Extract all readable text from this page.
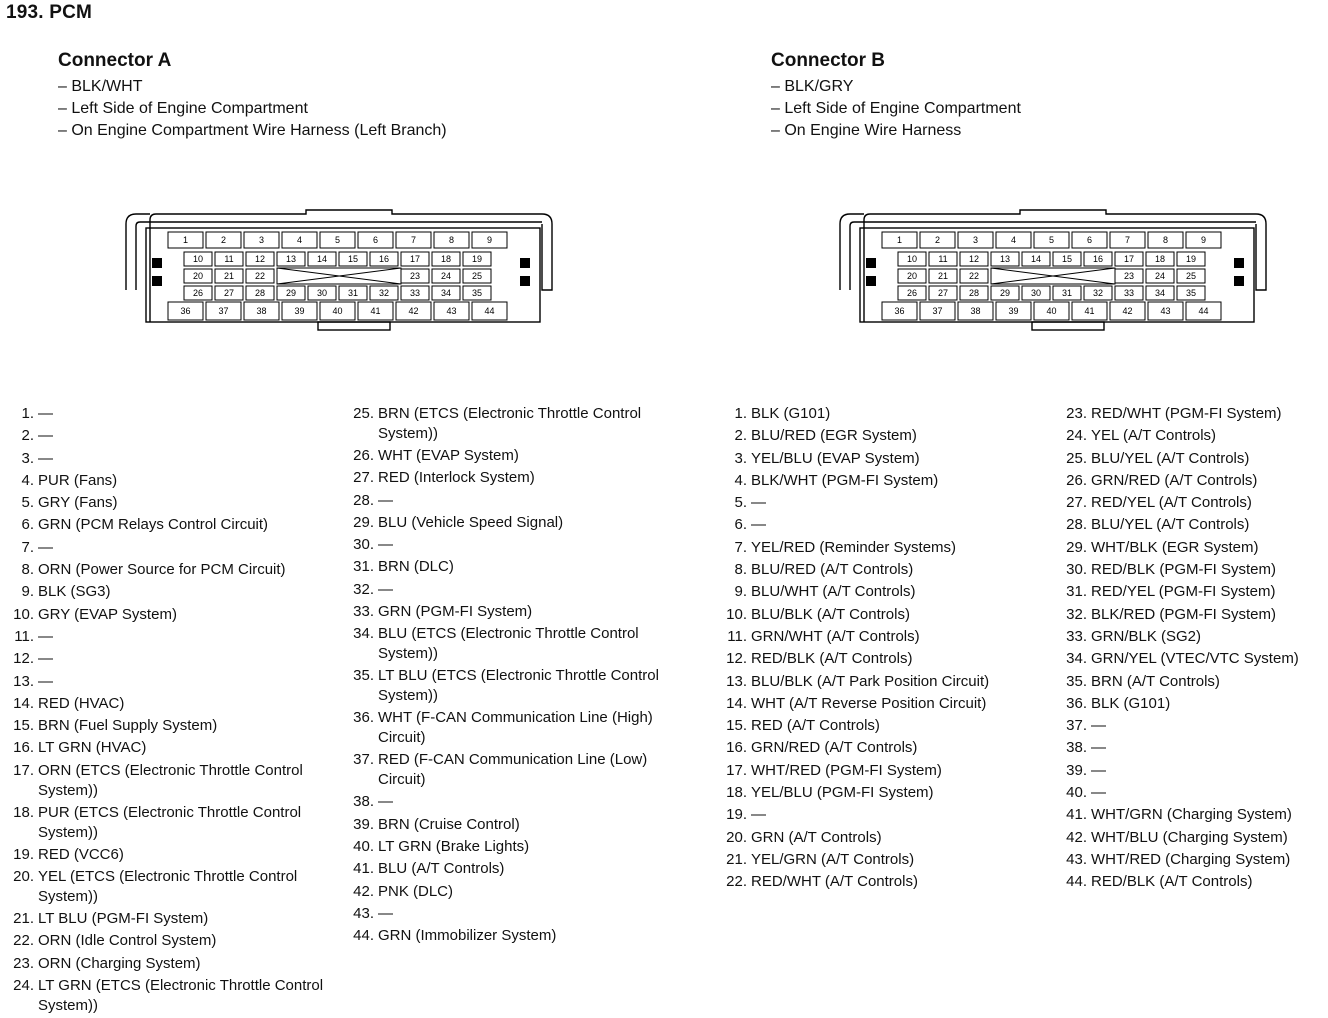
193. PCM
Connector A
– BLK/WHT
– Left Side of Engine Compartment
– On Engine Compartment Wire Harness (Left Branch)
Connector B
– BLK/GRY
– Left Side of Engine Compartment
– On Engine Wire Harness
1	2	3	4	5	6	7	8	9
10 11 12 13 14 15 16 17 18 19
26 27 28 29 30 31 32 33 34 35
36	37	38	39	40	41	42	43	44
20 21 22	23 24 25
1	2	3	4	5	6	7	8	9
10 11 12 13 14 15 16 17 18 19
26 27 28 29 30 31 32 33 34 35
36	37	38	39	40	41	42	43	44
20 21 22	23 24 25
1. —
2. —
3. —
4. PUR (Fans)
5. GRY (Fans)
6. GRN (PCM Relays Control Circuit)
7. —
8. ORN (Power Source for PCM Circuit)
9. BLK (SG3)
10. GRY (EVAP System)
11. —
12. —
13. —
14. RED (HVAC)
15. BRN (Fuel Supply System)
16. LT GRN (HVAC)
17. ORN (ETCS (Electronic Throttle Control System))
18. PUR (ETCS (Electronic Throttle Control System))
19. RED (VCC6)
20. YEL (ETCS (Electronic Throttle Control System))
21. LT BLU (PGM-FI System)
22. ORN (Idle Control System)
23. ORN (Charging System)
24. LT GRN (ETCS (Electronic Throttle Control System))
25. BRN (ETCS (Electronic Throttle Control System))
26. WHT (EVAP System)
27. RED (Interlock System)
28. —
29. BLU (Vehicle Speed Signal)
30. —
31. BRN (DLC)
32. —
33. GRN (PGM-FI System)
34. BLU (ETCS (Electronic Throttle Control System))
35. LT BLU (ETCS (Electronic Throttle Control System))
36. WHT (F-CAN Communication Line (High) Circuit)
37. RED (F-CAN Communication Line (Low) Circuit)
38. —
39. BRN (Cruise Control)
40. LT GRN (Brake Lights)
41. BLU (A/T Controls)
42. PNK (DLC)
43. —
44. GRN (Immobilizer System)
1. BLK (G101)
2. BLU/RED (EGR System)
3. YEL/BLU (EVAP System)
4. BLK/WHT (PGM-FI System)
5. —
6. —
7. YEL/RED (Reminder Systems)
8. BLU/RED (A/T Controls)
9. BLU/WHT (A/T Controls)
10. BLU/BLK (A/T Controls)
11. GRN/WHT (A/T Controls)
12. RED/BLK (A/T Controls)
13. BLU/BLK (A/T Park Position Circuit)
14. WHT (A/T Reverse Position Circuit)
15. RED (A/T Controls)
16. GRN/RED (A/T Controls)
17. WHT/RED (PGM-FI System)
18. YEL/BLU (PGM-FI System)
19. —
20. GRN (A/T Controls)
21. YEL/GRN (A/T Controls)
22. RED/WHT (A/T Controls)
23. RED/WHT (PGM-FI System)
24. YEL (A/T Controls)
25. BLU/YEL (A/T Controls)
26. GRN/RED (A/T Controls)
27. RED/YEL (A/T Controls)
28. BLU/YEL (A/T Controls)
29. WHT/BLK (EGR System)
30. RED/BLK (PGM-FI System)
31. RED/YEL (PGM-FI System)
32. BLK/RED (PGM-FI System)
33. GRN/BLK (SG2)
34. GRN/YEL (VTEC/VTC System)
35. BRN (A/T Controls)
36. BLK (G101)
37. —
38. —
39. —
40. —
41. WHT/GRN (Charging System)
42. WHT/BLU (Charging System)
43. WHT/RED (Charging System)
44. RED/BLK (A/T Controls)
